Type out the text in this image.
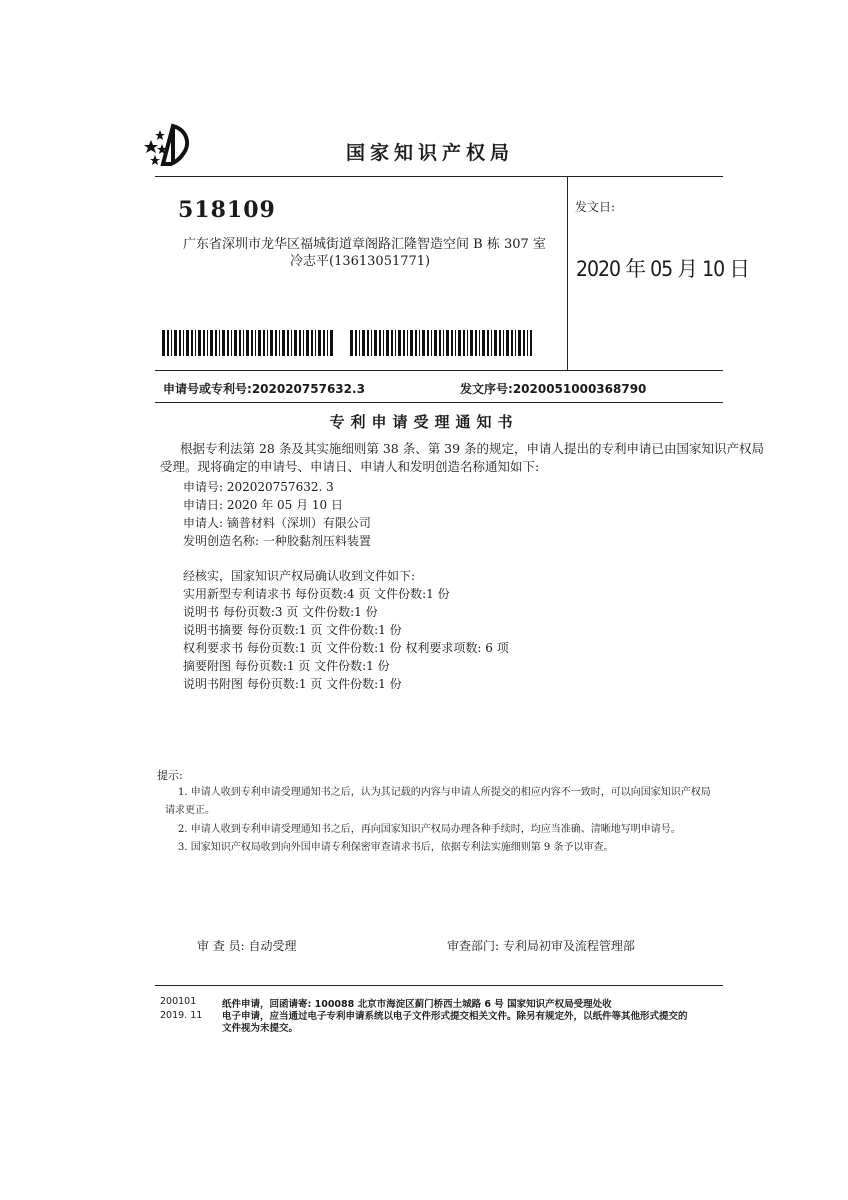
国家知识产权局
518109
广东省深圳市龙华区福城街道章阁路汇隆智造空间 B 栋 307 室
冷志平(13613051771)
发文日:
2020 年 05 月 10 日
申请号或专利号:202020757632.3	发文序号:2020051000368790
专利申请受理通知书
根据专利法第 28 条及其实施细则第 38 条、第 39 条的规定，申请人提出的专利申请已由国家知识产权局
受理。现将确定的申请号、申请日、申请人和发明创造名称通知如下:
申请号: 202020757632. 3
申请日: 2020 年 05 月 10 日
申请人: 镝普材料（深圳）有限公司
发明创造名称: 一种胶黏剂压料装置
经核实，国家知识产权局确认收到文件如下:
实用新型专利请求书 每份页数:4 页 文件份数:1 份
说明书 每份页数:3 页 文件份数:1 份
说明书摘要 每份页数:1 页 文件份数:1 份
权利要求书 每份页数:1 页 文件份数:1 份 权利要求项数: 6 项
摘要附图 每份页数:1 页 文件份数:1 份
说明书附图 每份页数:1 页 文件份数:1 份
提示:
1. 申请人收到专利申请受理通知书之后，认为其记载的内容与申请人所提交的相应内容不一致时，可以向国家知识产权局
请求更正。
2. 申请人收到专利申请受理通知书之后，再向国家知识产权局办理各种手续时，均应当准确、清晰地写明申请号。
3. 国家知识产权局收到向外国申请专利保密审查请求书后，依据专利法实施细则第 9 条予以审查。
审 查 员: 自动受理	审查部门: 专利局初审及流程管理部
200101
2019. 11
纸件申请，回函请寄: 100088 北京市海淀区蓟门桥西土城路 6 号 国家知识产权局受理处收
电子申请，应当通过电子专利申请系统以电子文件形式提交相关文件。除另有规定外，以纸件等其他形式提交的
文件视为未提交。
